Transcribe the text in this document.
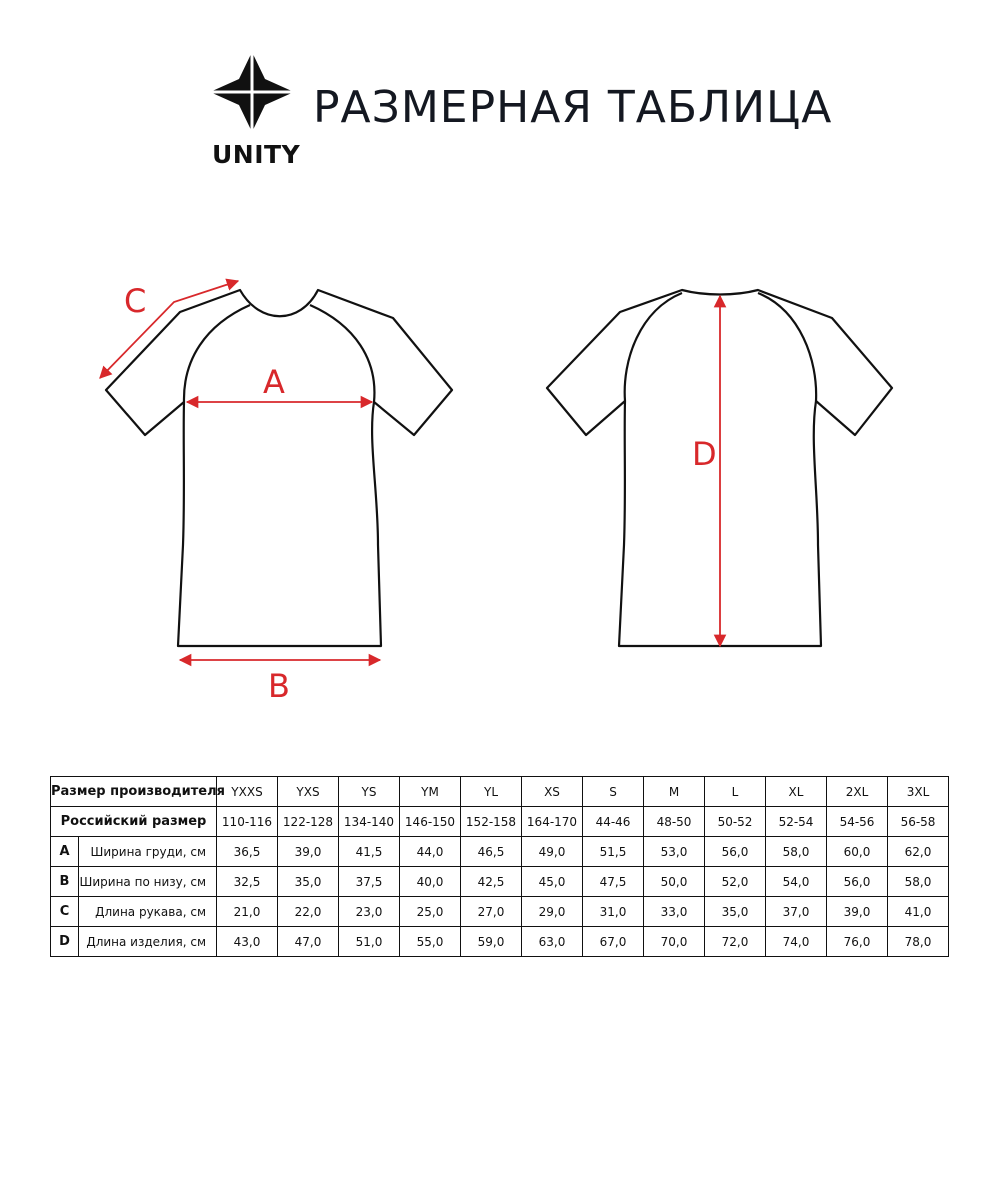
UNITY
РАЗМЕРНАЯ ТАБЛИЦА
A
B
C
D
Размер производителя		YXXS	YXS	YS	YM	YL	XS	S	M	L	XL	2XL	3XL
Российский размер		110-116	122-128	134-140	146-150	152-158	164-170	44-46	48-50	50-52	52-54	54-56	56-58
A	Ширина груди, см	36,5	39,0	41,5	44,0	46,5	49,0	51,5	53,0	56,0	58,0	60,0	62,0
B	Ширина по низу, см	32,5	35,0	37,5	40,0	42,5	45,0	47,5	50,0	52,0	54,0	56,0	58,0
C	Длина рукава, см	21,0	22,0	23,0	25,0	27,0	29,0	31,0	33,0	35,0	37,0	39,0	41,0
D	Длина изделия, см	43,0	47,0	51,0	55,0	59,0	63,0	67,0	70,0	72,0	74,0	76,0	78,0
